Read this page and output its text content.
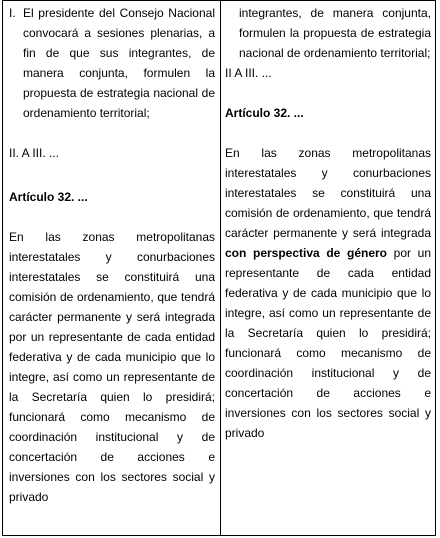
I. El presidente del Consejo Nacional convocará a sesiones plenarias, a fin de que sus integrantes, de manera conjunta, formulen la propuesta de estrategia nacional de ordenamiento territorial;

II. A III. ...

Artículo 32. ...

En las zonas metropolitanas interestatales y conurbaciones interestatales se constituirá una comisión de ordenamiento, que tendrá carácter permanente y será integrada por un representante de cada entidad federativa y de cada municipio que lo integre, así como un representante de la Secretaría quien lo presidirá; funcionará como mecanismo de coordinación institucional y de concertación de acciones e inversiones con los sectores social y privado

integrantes, de manera conjunta, formulen la propuesta de estrategia nacional de ordenamiento territorial;

II A III. ...

Artículo 32. ...

En las zonas metropolitanas interestatales y conurbaciones interestatales se constituirá una comisión de ordenamiento, que tendrá carácter permanente y será integrada con perspectiva de género por un representante de cada entidad federativa y de cada municipio que lo integre, así como un representante de la Secretaría quien lo presidirá; funcionará como mecanismo de coordinación institucional y de concertación de acciones e inversiones con los sectores social y privado
